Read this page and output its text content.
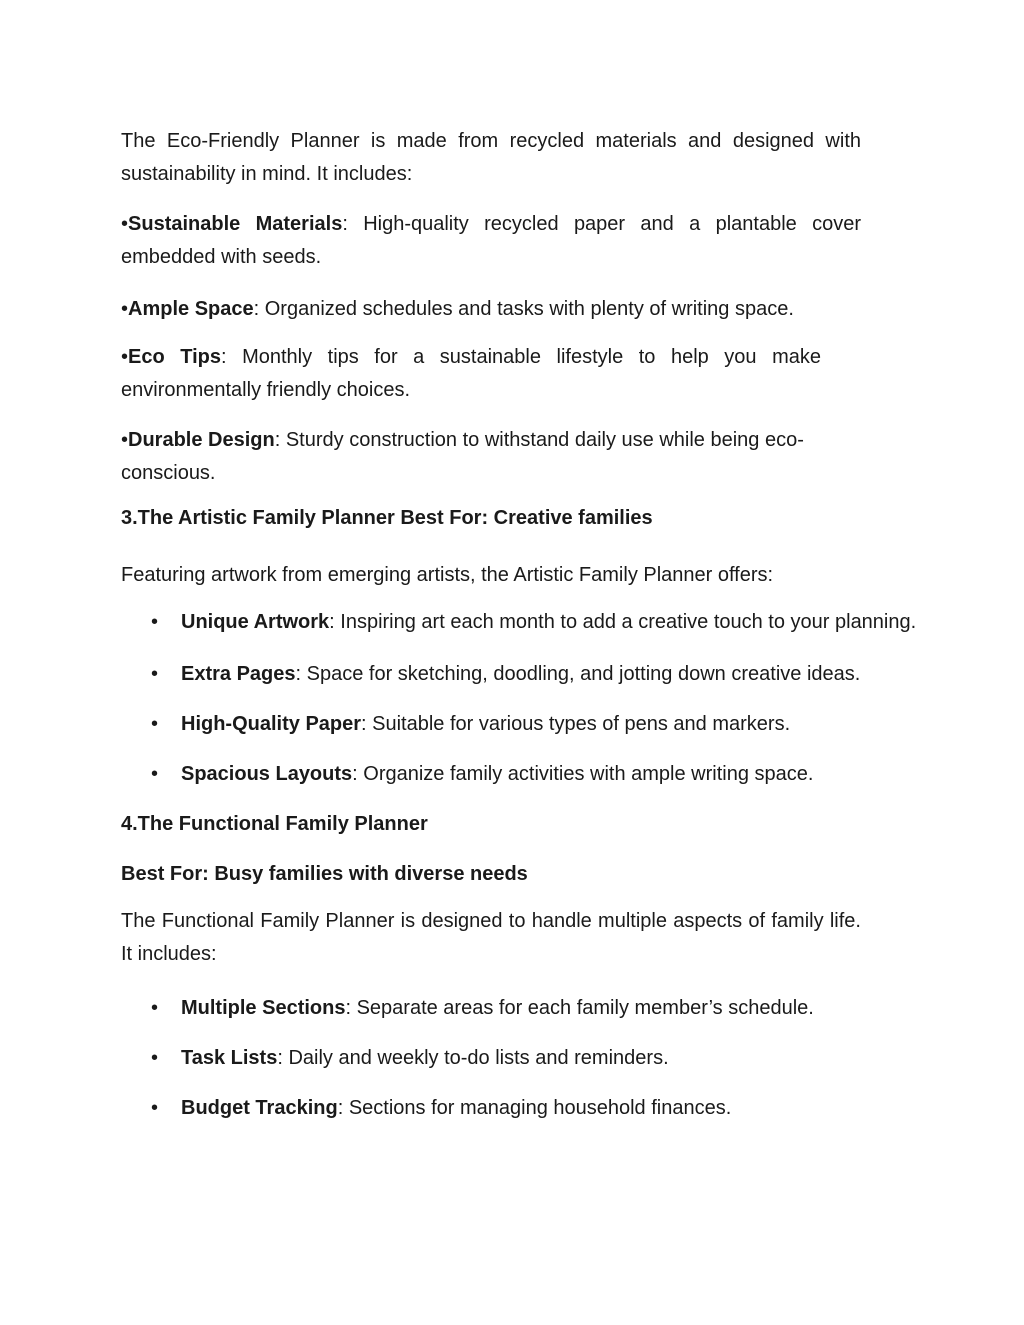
The Eco-Friendly Planner is made from recycled materials and designed with sustainability in mind. It includes:

•Sustainable Materials: High-quality recycled paper and a plantable cover embedded with seeds.

•Ample Space: Organized schedules and tasks with plenty of writing space.

•Eco Tips: Monthly tips for a sustainable lifestyle to help you make environmentally friendly choices.

•Durable Design: Sturdy construction to withstand daily use while being eco-conscious.

3.The Artistic Family Planner Best For: Creative families

Featuring artwork from emerging artists, the Artistic Family Planner offers:

• Unique Artwork: Inspiring art each month to add a creative touch to your planning.
• Extra Pages: Space for sketching, doodling, and jotting down creative ideas.
• High-Quality Paper: Suitable for various types of pens and markers.
• Spacious Layouts: Organize family activities with ample writing space.

4.The Functional Family Planner

Best For: Busy families with diverse needs

The Functional Family Planner is designed to handle multiple aspects of family life. It includes:

• Multiple Sections: Separate areas for each family member’s schedule.
• Task Lists: Daily and weekly to-do lists and reminders.
• Budget Tracking: Sections for managing household finances.
